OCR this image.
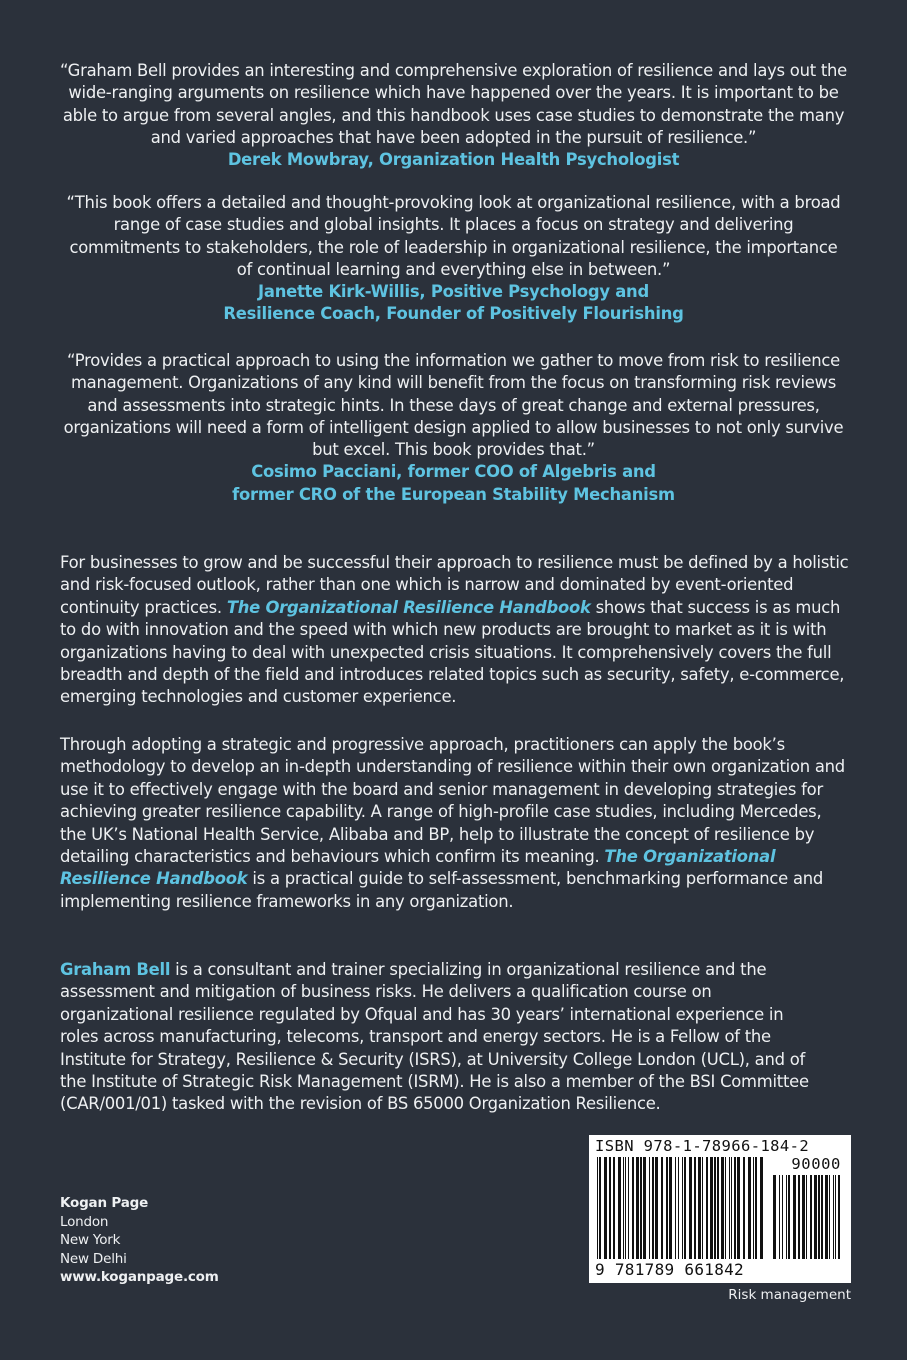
“Graham Bell provides an interesting and comprehensive exploration of resilience and lays out the wide-ranging arguments on resilience which have happened over the years. It is important to be able to argue from several angles, and this handbook uses case studies to demonstrate the many and varied approaches that have been adopted in the pursuit of resilience.”
Derek Mowbray, Organization Health Psychologist
“This book offers a detailed and thought-provoking look at organizational resilience, with a broad range of case studies and global insights. It places a focus on strategy and delivering commitments to stakeholders, the role of leadership in organizational resilience, the importance of continual learning and everything else in between.”
Janette Kirk-Willis, Positive Psychology and
Resilience Coach, Founder of Positively Flourishing
“Provides a practical approach to using the information we gather to move from risk to resilience management. Organizations of any kind will benefit from the focus on transforming risk reviews and assessments into strategic hints. In these days of great change and external pressures, organizations will need a form of intelligent design applied to allow businesses to not only survive but excel. This book provides that.”
Cosimo Pacciani, former COO of Algebris and
former CRO of the European Stability Mechanism

For businesses to grow and be successful their approach to resilience must be defined by a holistic and risk-focused outlook, rather than one which is narrow and dominated by event-oriented continuity practices. The Organizational Resilience Handbook shows that success is as much to do with innovation and the speed with which new products are brought to market as it is with organizations having to deal with unexpected crisis situations. It comprehensively covers the full breadth and depth of the field and introduces related topics such as security, safety, e-commerce, emerging technologies and customer experience.

Through adopting a strategic and progressive approach, practitioners can apply the book’s methodology to develop an in-depth understanding of resilience within their own organization and use it to effectively engage with the board and senior management in developing strategies for achieving greater resilience capability. A range of high-profile case studies, including Mercedes, the UK’s National Health Service, Alibaba and BP, help to illustrate the concept of resilience by detailing characteristics and behaviours which confirm its meaning. The Organizational Resilience Handbook is a practical guide to self-assessment, benchmarking performance and implementing resilience frameworks in any organization.

Graham Bell is a consultant and trainer specializing in organizational resilience and the assessment and mitigation of business risks. He delivers a qualification course on organizational resilience regulated by Ofqual and has 30 years’ international experience in roles across manufacturing, telecoms, transport and energy sectors. He is a Fellow of the Institute for Strategy, Resilience & Security (ISRS), at University College London (UCL), and of the Institute of Strategic Risk Management (ISRM). He is also a member of the BSI Committee (CAR/001/01) tasked with the revision of BS 65000 Organization Resilience.

Kogan Page
London
New York
New Delhi
www.koganpage.com
ISBN 978-1-78966-184-2
90000
9 781789 661842
Risk management
